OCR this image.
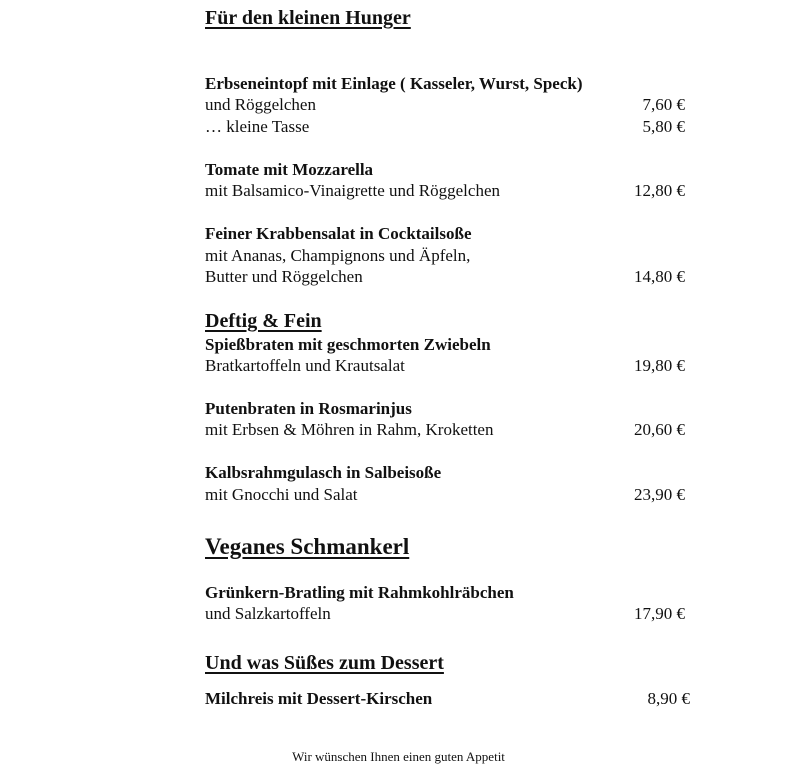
Für den kleinen Hunger
Erbseneintopf mit Einlage ( Kasseler, Wurst, Speck)
und Röggelchen	7,60 €
… kleine Tasse	5,80 €
Tomate mit Mozzarella
mit Balsamico-Vinaigrette und Röggelchen	12,80 €
Feiner Krabbensalat in Cocktailsoße
mit Ananas, Champignons und Äpfeln,
Butter und Röggelchen	14,80 €
Deftig & Fein
Spießbraten mit geschmorten Zwiebeln
Bratkartoffeln und Krautsalat	19,80 €
Putenbraten in Rosmarinjus
mit Erbsen & Möhren in Rahm, Kroketten	20,60 €
Kalbsrahmgulasch in Salbeisoße
mit Gnocchi und Salat	23,90 €
Veganes Schmankerl
Grünkern-Bratling mit Rahmkohlräbchen
und Salzkartoffeln	17,90 €
Und was Süßes zum Dessert
Milchreis mit Dessert-Kirschen	8,90 €
Wir wünschen Ihnen einen guten Appetit
